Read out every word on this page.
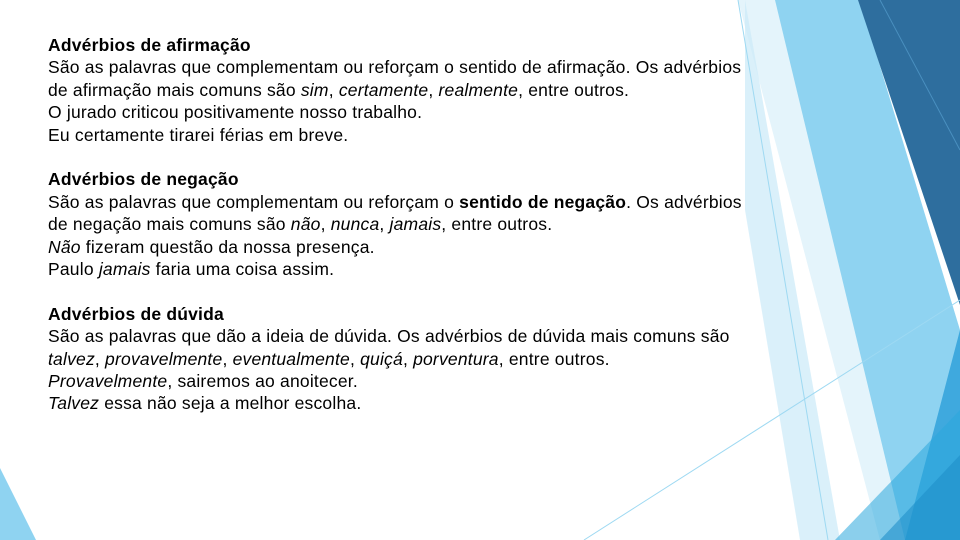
Advérbios de afirmação

São as palavras que complementam ou reforçam o sentido de afirmação. Os advérbios de afirmação mais comuns são sim, certamente, realmente, entre outros.

O jurado criticou positivamente nosso trabalho.

Eu certamente tirarei férias em breve.

Advérbios de negação

São as palavras que complementam ou reforçam o sentido de negação. Os advérbios de negação mais comuns são não, nunca, jamais, entre outros.

Não fizeram questão da nossa presença.

Paulo jamais faria uma coisa assim.

Advérbios de dúvida

São as palavras que dão a ideia de dúvida. Os advérbios de dúvida mais comuns são talvez, provavelmente, eventualmente, quiçá, porventura, entre outros.

Provavelmente, sairemos ao anoitecer.

Talvez essa não seja a melhor escolha.
